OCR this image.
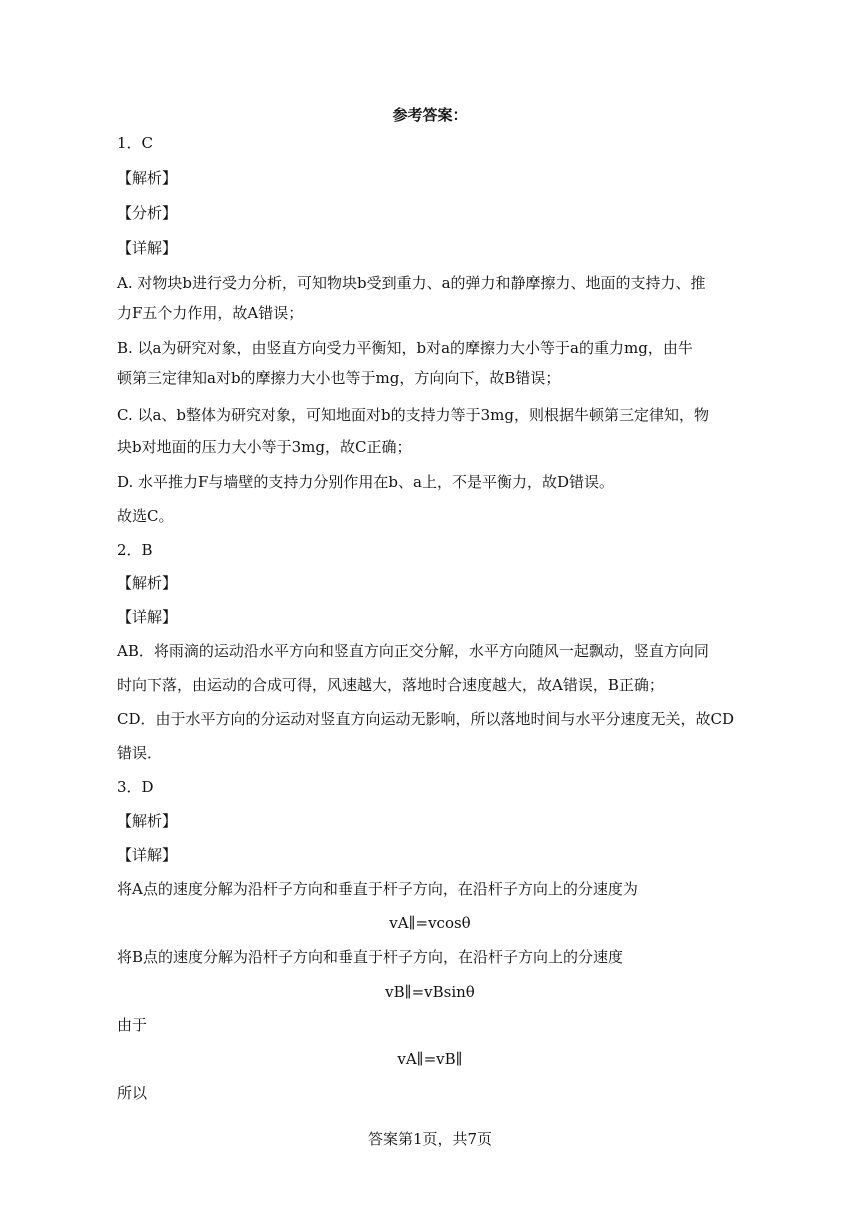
参考答案：
1．C
【解析】
【分析】
【详解】
A. 对物块b进行受力分析，可知物块b受到重力、a的弹力和静摩擦力、地面的支持力、推
力F五个力作用，故A错误；
B. 以a为研究对象，由竖直方向受力平衡知，b对a的摩擦力大小等于a的重力mg，由牛
顿第三定律知a对b的摩擦力大小也等于mg，方向向下，故B错误；
C. 以a、b整体为研究对象，可知地面对b的支持力等于3mg，则根据牛顿第三定律知，物
块b对地面的压力大小等于3mg，故C正确；
D. 水平推力F与墙壁的支持力分别作用在b、a上，不是平衡力，故D错误。
故选C。
2．B
【解析】
【详解】
AB．将雨滴的运动沿水平方向和竖直方向正交分解，水平方向随风一起飘动，竖直方向同
时向下落，由运动的合成可得，风速越大，落地时合速度越大，故A错误，B正确；
CD．由于水平方向的分运动对竖直方向运动无影响，所以落地时间与水平分速度无关，故CD
错误．
3．D
【解析】
【详解】
将A点的速度分解为沿杆子方向和垂直于杆子方向，在沿杆子方向上的分速度为
vA∥=vcosθ
将B点的速度分解为沿杆子方向和垂直于杆子方向，在沿杆子方向上的分速度
vB∥=vBsinθ
由于
vA∥=vB∥
所以
答案第1页，共7页
